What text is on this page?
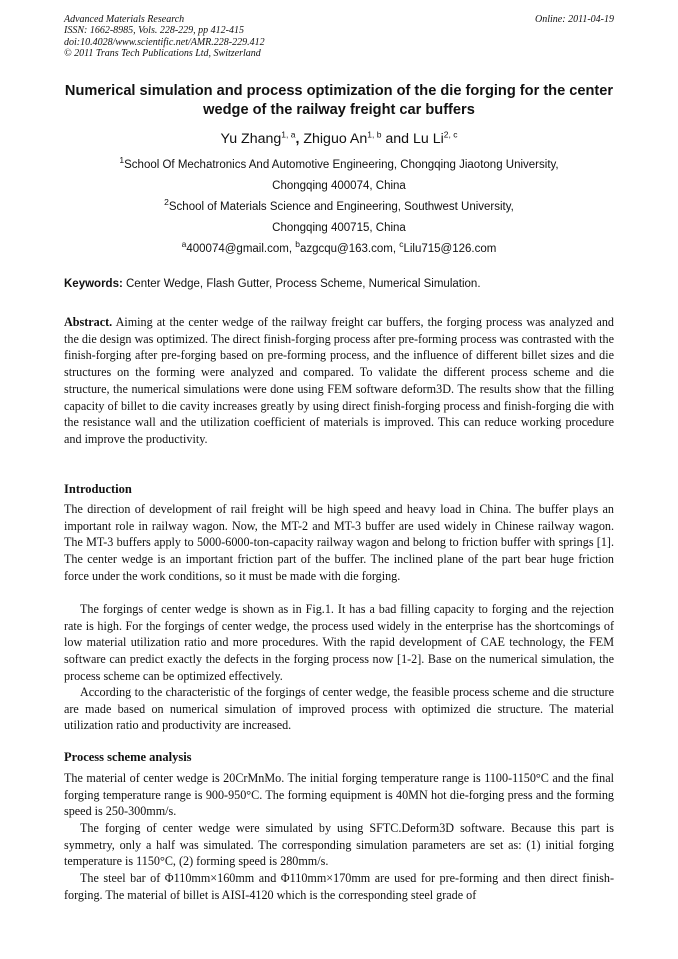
Advanced Materials Research
ISSN: 1662-8985, Vols. 228-229, pp 412-415
doi:10.4028/www.scientific.net/AMR.228-229.412
© 2011 Trans Tech Publications Ltd, Switzerland
Online: 2011-04-19
Numerical simulation and process optimization of the die forging for the center wedge of the railway freight car buffers
Yu Zhang$^{1, a}$, Zhiguo An$^{1, b}$ and Lu Li$^{2, c}$
$^1$School Of Mechatronics And Automotive Engineering, Chongqing Jiaotong University,
Chongqing 400074, China
$^2$School of Materials Science and Engineering, Southwest University,
Chongqing 400715, China
$^a$400074@gmail.com, $^b$azgcqu@163.com, $^c$Lilu715@126.com
Keywords: Center Wedge, Flash Gutter, Process Scheme, Numerical Simulation.
Abstract. Aiming at the center wedge of the railway freight car buffers, the forging process was analyzed and the die design was optimized. The direct finish-forging process after pre-forming process was contrasted with the finish-forging after pre-forging based on pre-forming process, and the influence of different billet sizes and die structures on the forming were analyzed and compared. To validate the different process scheme and die structure, the numerical simulations were done using FEM software deform3D. The results show that the filling capacity of billet to die cavity increases greatly by using direct finish-forging process and finish-forging die with the resistance wall and the utilization coefficient of materials is improved. This can reduce working procedure and improve the productivity.
Introduction
The direction of development of rail freight will be high speed and heavy load in China. The buffer plays an important role in railway wagon. Now, the MT-2 and MT-3 buffer are used widely in Chinese railway wagon. The MT-3 buffers apply to 5000-6000-ton-capacity railway wagon and belong to friction buffer with springs [1]. The center wedge is an important friction part of the buffer. The inclined plane of the part bear huge friction force under the work conditions, so it must be made with die forging.
The forgings of center wedge is shown as in Fig.1. It has a bad filling capacity to forging and the rejection rate is high. For the forgings of center wedge, the process used widely in the enterprise has the shortcomings of low material utilization ratio and more procedures. With the rapid development of CAE technology, the FEM software can predict exactly the defects in the forging process now [1-2]. Base on the numerical simulation, the process scheme can be optimized effectively.
According to the characteristic of the forgings of center wedge, the feasible process scheme and die structure are made based on numerical simulation of improved process with optimized die structure. The material utilization ratio and productivity are increased.
Process scheme analysis
The material of center wedge is 20CrMnMo. The initial forging temperature range is 1100-1150°C and the final forging temperature range is 900-950°C. The forming equipment is 40MN hot die-forging press and the forming speed is 250-300mm/s.
The forging of center wedge were simulated by using SFTC.Deform3D software. Because this part is symmetry, only a half was simulated. The corresponding simulation parameters are set as: (1) initial forging temperature is 1150°C, (2) forming speed is 280mm/s.
The steel bar of Φ110mm×160mm and Φ110mm×170mm are used for pre-forming and then direct finish-forging. The material of billet is AISI-4120 which is the corresponding steel grade of
